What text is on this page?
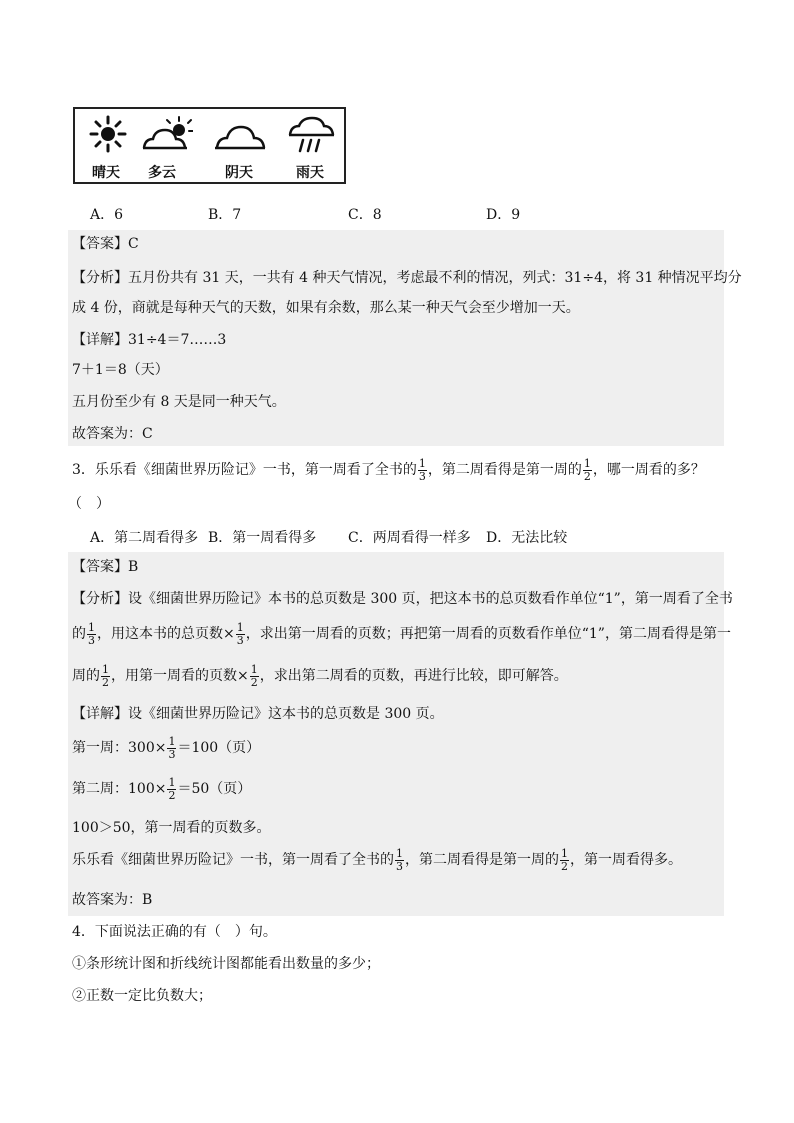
晴天 多云	阴天	雨天
A．6	B．7	C．8	D．9
【答案】C
【分析】五月份共有 31 天，一共有 4 种天气情况，考虑最不利的情况，列式：31÷4，将 31 种情况平均分
成 4 份，商就是每种天气的天数，如果有余数，那么某一种天气会至少增加一天。
【详解】31÷4＝7……3
7＋1＝8（天）
五月份至少有 8 天是同一种天气。
故答案为：C
3．乐乐看《细菌世界历险记》一书，第一周看了全书的 $\frac{1}{3}$ ，第二周看得是第一周的 $\frac{1}{2}$ ，哪一周看的多？
（　）
A．第二周看得多 B．第一周看得多 C．两周看得一样多 D．无法比较
【答案】B
【分析】设《细菌世界历险记》本书的总页数是 300 页，把这本书的总页数看作单位“1”，第一周看了全书
的 $\frac{1}{3}$ ，用这本书的总页数× $\frac{1}{3}$ ，求出第一周看的页数；再把第一周看的页数看作单位“1”，第二周看得是第一
周的 $\frac{1}{2}$ ，用第一周看的页数× $\frac{1}{2}$ ，求出第二周看的页数，再进行比较，即可解答。
【详解】设《细菌世界历险记》这本书的总页数是 300 页。
第一周：$300\times \frac{1}{3} =100$（页）
第二周：$100\times \frac{1}{2} =50$（页）
100＞50，第一周看的页数多。
乐乐看《细菌世界历险记》一书，第一周看了全书的 $\frac{1}{3}$ ，第二周看得是第一周的 $\frac{1}{2}$ ，第一周看得多。
故答案为：B
4．下面说法正确的有（　）句。
①条形统计图和折线统计图都能看出数量的多少；
②正数一定比负数大；
